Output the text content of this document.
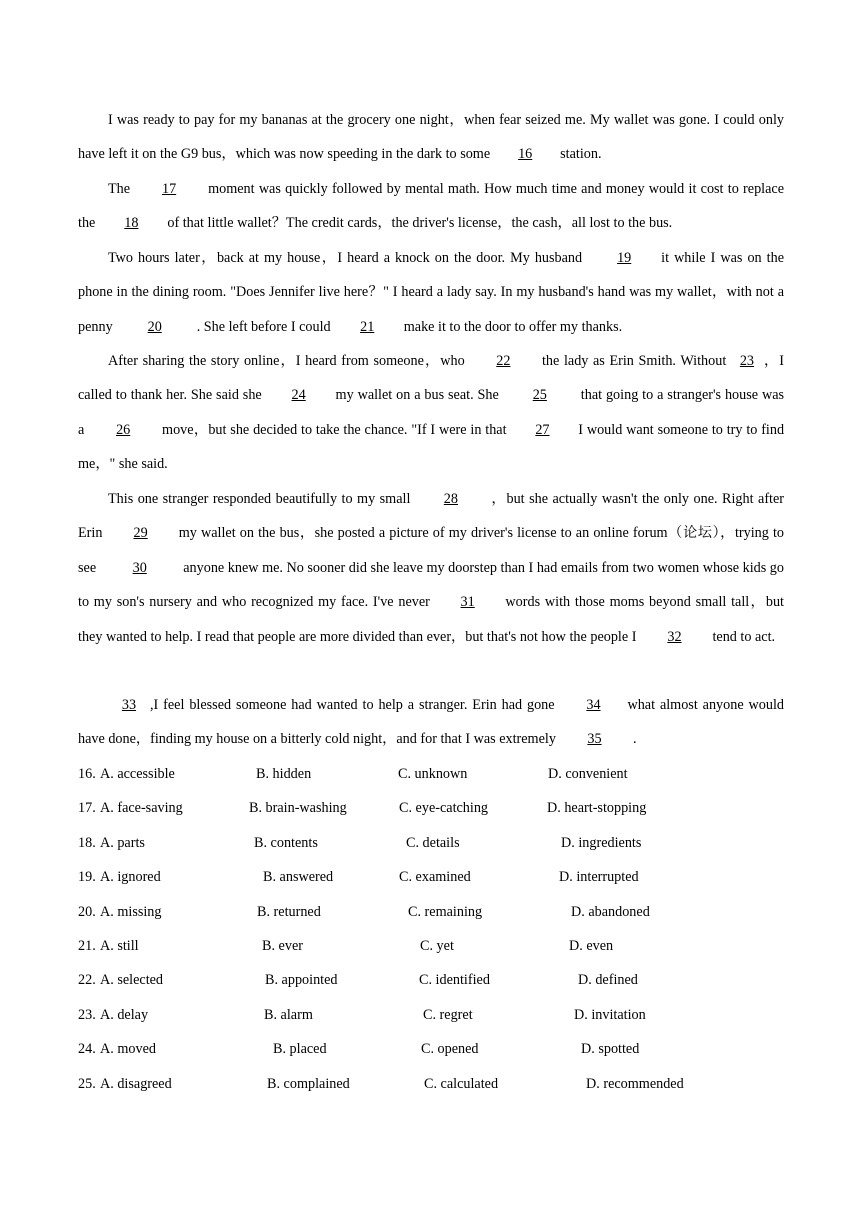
I was ready to pay for my bananas at the grocery one night，when fear seized me. My wallet was gone. I could only have left it on the G9 bus，which was now speeding in the dark to some 16 station.

The 17 moment was quickly followed by mental math. How much time and money would it cost to replace the 18 of that little wallet？The credit cards，the driver's license，the cash，all lost to the bus.

Two hours later，back at my house，I heard a knock on the door. My husband 19 it while I was on the phone in the dining room. "Does Jennifer live here？" I heard a lady say. In my husband's hand was my wallet，with not a penny 20 . She left before I could 21 make it to the door to offer my thanks.

After sharing the story online，I heard from someone，who 22 the lady as Erin Smith. Without 23 ，I called to thank her. She said she 24 my wallet on a bus seat. She 25 that going to a stranger's house was a 26 move，but she decided to take the chance. "If I were in that 27 I would want someone to try to find me，" she said.

This one stranger responded beautifully to my small 28 ，but she actually wasn't the only one. Right after Erin 29 my wallet on the bus，she posted a picture of my driver's license to an online forum（论坛），trying to see	30	anyone knew me. No sooner did she leave my doorstep than I had emails from two women whose kids go to my son's nursery and who recognized my face. I've never 31 words with those moms beyond small tall，but they wanted to help. I read that people are more divided than ever，but that's not how the people I 32 tend to act.

33 ,I feel blessed someone had wanted to help a stranger. Erin had gone 34 what almost anyone would have done，finding my house on a bitterly cold night，and for that I was extremely 35 .

16. A. accessible	B. hidden	C. unknown	D. convenient
17. A. face-saving	B. brain-washing	C. eye-catching	D. heart-stopping
18. A. parts	B. contents	C. details	D. ingredients
19. A. ignored	B. answered	C. examined	D. interrupted
20. A. missing	B. returned	C. remaining	D. abandoned
21. A. still	B. ever	C. yet	D. even
22. A. selected	B. appointed	C. identified	D. defined
23. A. delay	B. alarm	C. regret	D. invitation
24. A. moved	B. placed	C. opened	D. spotted
25. A. disagreed	B. complained	C. calculated	D. recommended
